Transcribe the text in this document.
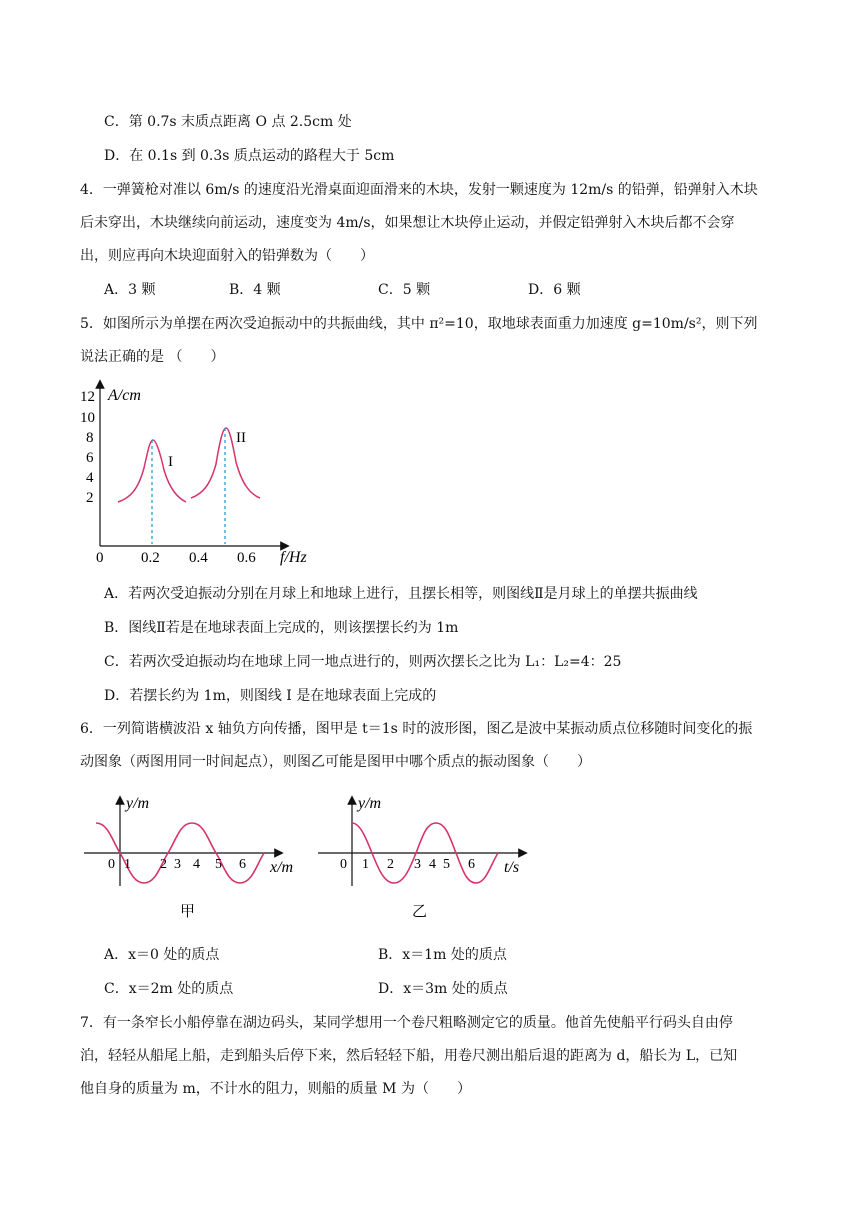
C．第 0.7s 末质点距离 O 点 2.5cm 处
D．在 0.1s 到 0.3s 质点运动的路程大于 5cm
4．一弹簧枪对准以 6m/s 的速度沿光滑桌面迎面滑来的木块，发射一颗速度为 12m/s 的铅弹，铅弹射入木块
后未穿出，木块继续向前运动，速度变为 4m/s，如果想让木块停止运动，并假定铅弹射入木块后都不会穿
出，则应再向木块迎面射入的铅弹数为（　　）
A．3 颗	B．4 颗	C．5 颗	D．6 颗
5．如图所示为单摆在两次受迫振动中的共振曲线，其中 π²=10，取地球表面重力加速度 g=10m/s²，则下列
说法正确的是 （　　）
A/cm
12
10
8
6
4
2
0	0.2 0.4 0.6 f/Hz
I
II
A．若两次受迫振动分别在月球上和地球上进行，且摆长相等，则图线Ⅱ是月球上的单摆共振曲线
B．图线Ⅱ若是在地球表面上完成的，则该摆摆长约为 1m
C．若两次受迫振动均在地球上同一地点进行的，则两次摆长之比为 L₁：L₂=4：25
D．若摆长约为 1m，则图线 I 是在地球表面上完成的
6．一列简谐横波沿 x 轴负方向传播，图甲是 t＝1s 时的波形图，图乙是波中某振动质点位移随时间变化的振
动图象（两图用同一时间起点），则图乙可能是图甲中哪个质点的振动图象（　　）
y/m
0 1 2 3 4 5 6 x/m
甲
y/m
0 1 2 3 4 5 6 t/s
乙
A．x＝0 处的质点	B．x＝1m 处的质点
C．x＝2m 处的质点	D．x＝3m 处的质点
7．有一条窄长小船停靠在湖边码头，某同学想用一个卷尺粗略测定它的质量。他首先使船平行码头自由停
泊，轻轻从船尾上船，走到船头后停下来，然后轻轻下船，用卷尺测出船后退的距离为 d，船长为 L，已知
他自身的质量为 m，不计水的阻力，则船的质量 M 为（　　）
